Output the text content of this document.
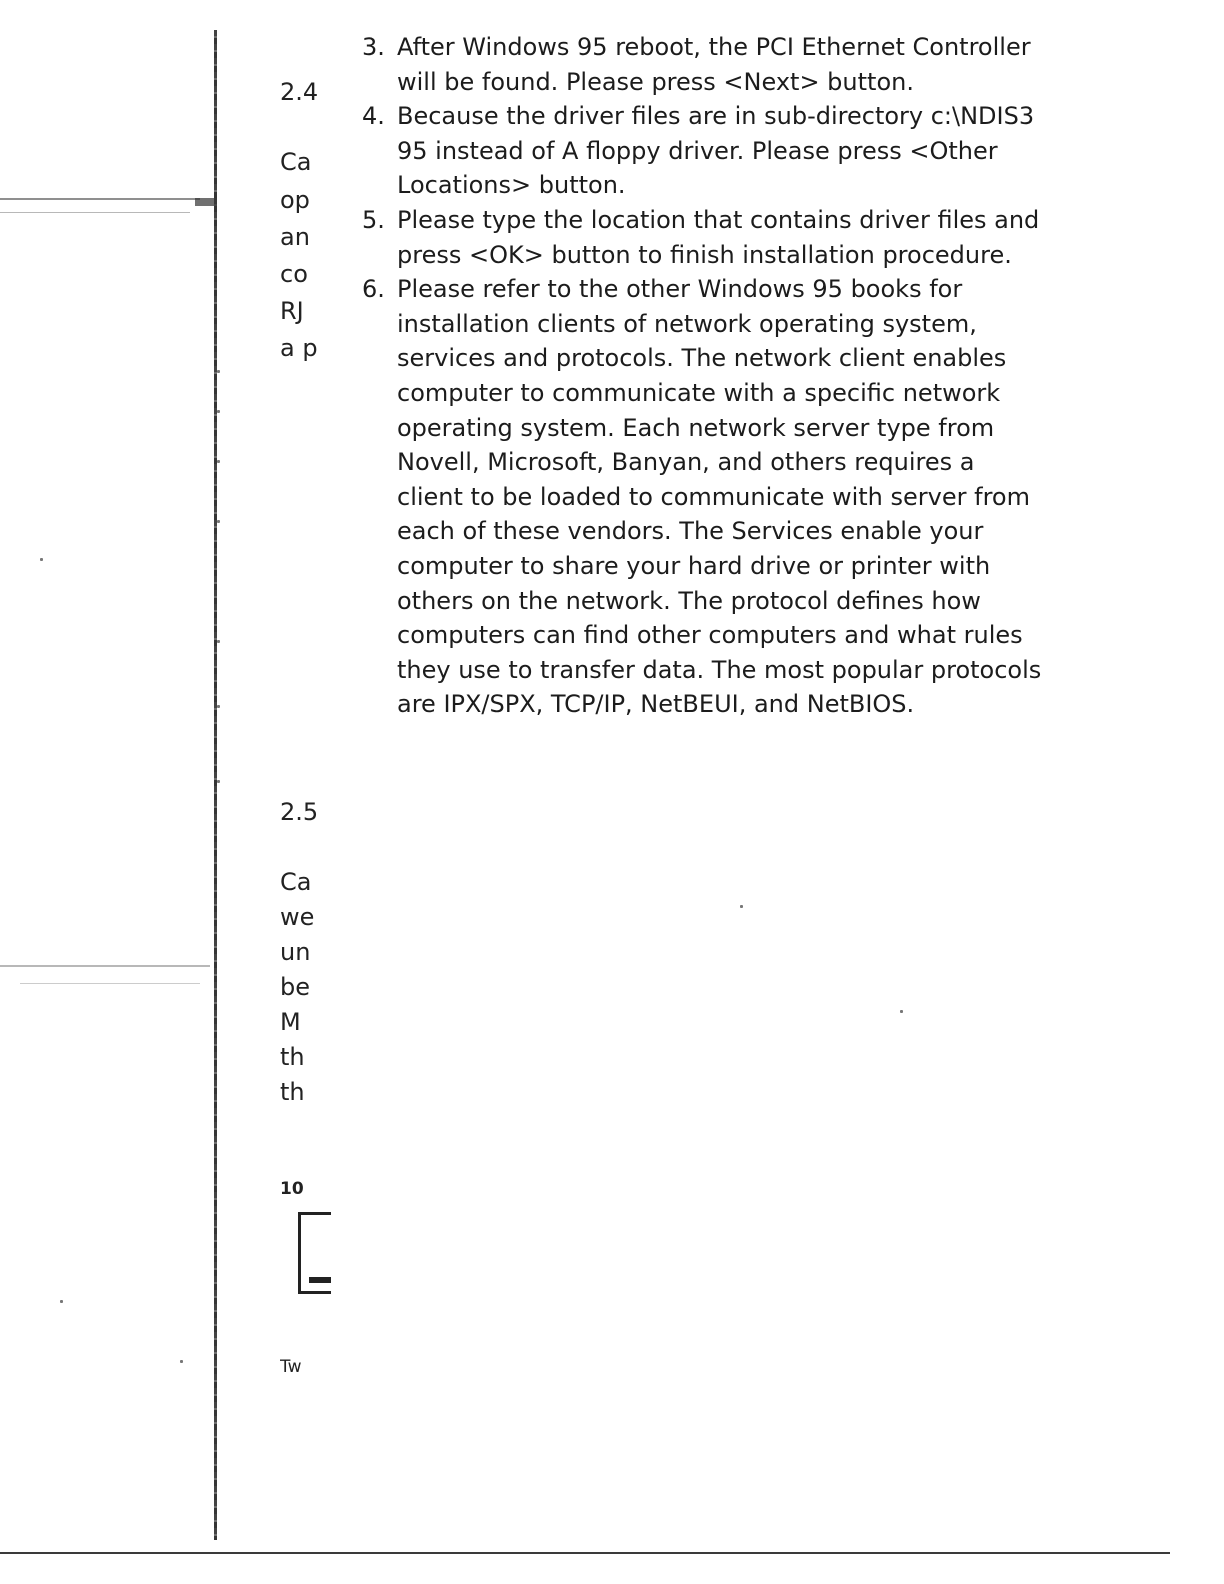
2.4
Ca
op
an
co
RJ
a p
2.5
Ca
we
un
be
M
th
th
10
Tw
3. After Windows 95 reboot, the PCI Ethernet Controller
will be found. Please press <Next> button.
4. Because the driver files are in sub-directory c:\NDIS3
95 instead of A floppy driver. Please press <Other
Locations> button.
5. Please type the location that contains driver files and
press <OK> button to finish installation procedure.
6. Please refer to the other Windows 95 books for
installation clients of network operating system,
services and protocols. The network client enables
computer to communicate with a specific network
operating system. Each network server type from
Novell, Microsoft, Banyan, and others requires a
client to be loaded to communicate with server from
each of these vendors. The Services enable your
computer to share your hard drive or printer with
others on the network. The protocol defines how
computers can find other computers and what rules
they use to transfer data. The most popular protocols
are IPX/SPX, TCP/IP, NetBEUI, and NetBIOS.
